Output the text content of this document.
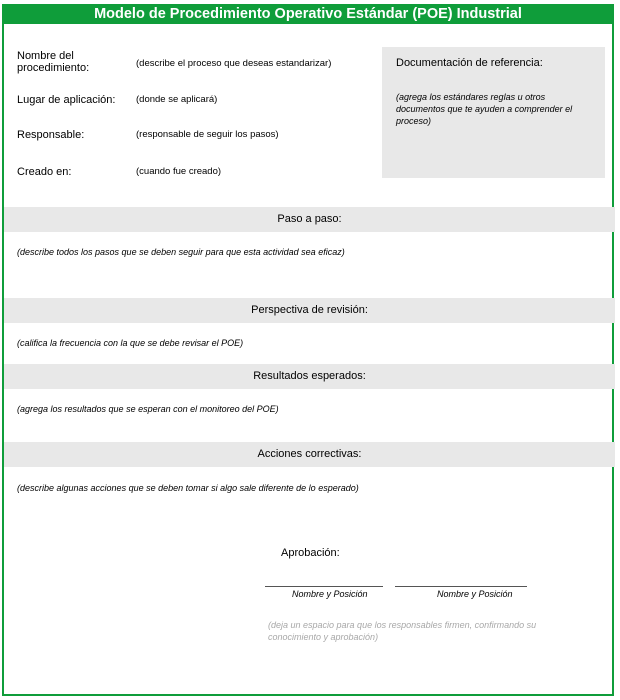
Modelo de Procedimiento Operativo Estándar (POE) Industrial
Nombre del procedimiento:	(describe el proceso que deseas estandarizar)
Lugar de aplicación: (donde se aplicará)
Responsable:	(responsable de seguir los pasos)
Creado en:	(cuando fue creado)
Documentación de referencia:
(agrega los estándares reglas u otros documentos que te ayuden a comprender el proceso)
Paso a paso:
(describe todos los pasos que se deben seguir para que esta actividad sea eficaz)
Perspectiva de revisión:
(califica la frecuencia con la que se debe revisar el POE)
Resultados esperados:
(agrega los resultados que se esperan con el monitoreo del POE)
Acciones correctivas:
(describe algunas acciones que se deben tomar si algo sale diferente de lo esperado)
Aprobación:
Nombre y Posición	Nombre y Posición
(deja un espacio para que los responsables firmen, confirmando su conocimiento y aprobación)
